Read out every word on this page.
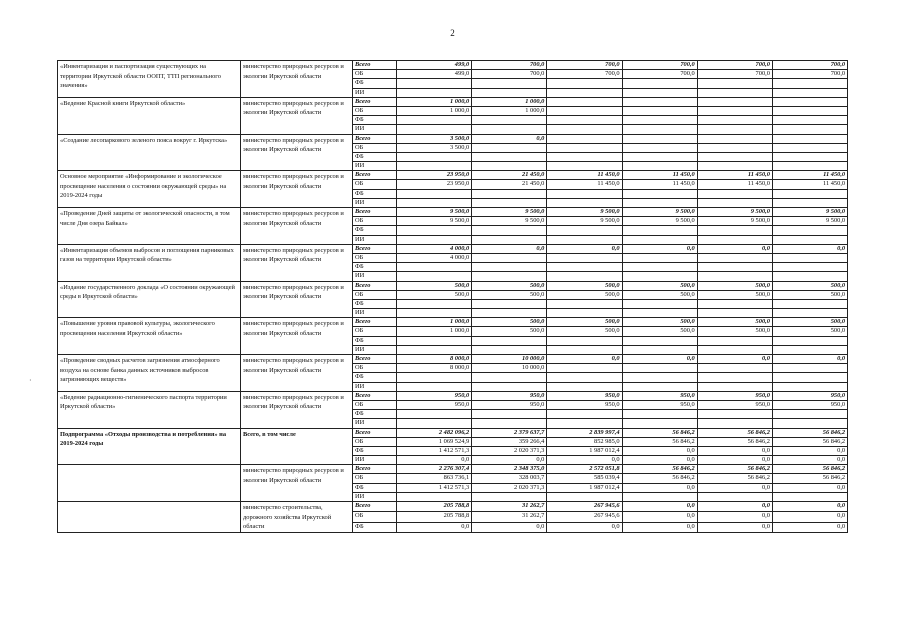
2
·
«Инвентаризация и паспортизация существующих на территории Иркутской области ООПТ, ТТП регионального значения»	министерство природных ресурсов и экологии Иркутской области	Всего	499,0	700,0	700,0	700,0	700,0	700,0
		ОБ	499,0	700,0	700,0	700,0	700,0	700,0
		ФБ						
		ИИ						
«Ведение Красной книги Иркутской области»	министерство природных ресурсов и экологии Иркутской области	Всего	1 000,0	1 000,0				
		ОБ	1 000,0	1 000,0				
		ФБ						
		ИИ						
«Создание лесопаркового зеленого пояса вокруг г. Иркутска»	министерство природных ресурсов и экологии Иркутской области	Всего	3 500,0	0,0				
		ОБ	3 500,0					
		ФБ						
		ИИ						
Основное мероприятие «Информирование и экологическое просвещение населения о состоянии окружающей среды» на 2019-2024 годы	министерство природных ресурсов и экологии Иркутской области	Всего	23 950,0	21 450,0	11 450,0	11 450,0	11 450,0	11 450,0
		ОБ	23 950,0	21 450,0	11 450,0	11 450,0	11 450,0	11 450,0
		ФБ						
		ИИ						
«Проведение Дней защиты от экологической опасности, в том числе Дня озера Байкал»	министерство природных ресурсов и экологии Иркутской области	Всего	9 500,0	9 500,0	9 500,0	9 500,0	9 500,0	9 500,0
		ОБ	9 500,0	9 500,0	9 500,0	9 500,0	9 500,0	9 500,0
		ФБ						
		ИИ						
«Инвентаризация объемов выбросов и поглощения парниковых газов на территории Иркутской области»	министерство природных ресурсов и экологии Иркутской области	Всего	4 000,0	0,0	0,0	0,0	0,0	0,0
		ОБ	4 000,0					
		ФБ						
		ИИ						
«Издание государственного доклада «О состоянии окружающей среды в Иркутской области»	министерство природных ресурсов и экологии Иркутской области	Всего	500,0	500,0	500,0	500,0	500,0	500,0
		ОБ	500,0	500,0	500,0	500,0	500,0	500,0
		ФБ						
		ИИ						
«Повышение уровня правовой культуры, экологического просвещения населения Иркутской области»	министерство природных ресурсов и экологии Иркутской области	Всего	1 000,0	500,0	500,0	500,0	500,0	500,0
		ОБ	1 000,0	500,0	500,0	500,0	500,0	500,0
		ФБ						
		ИИ						
«Проведение сводных расчетов загрязнения атмосферного воздуха на основе банка данных источников выбросов загрязняющих веществ»	министерство природных ресурсов и экологии Иркутской области	Всего	8 000,0	10 000,0	0,0	0,0	0,0	0,0
		ОБ	8 000,0	10 000,0				
		ФБ						
		ИИ						
«Ведение радиационно-гигиенического паспорта территории Иркутской области»	министерство природных ресурсов и экологии Иркутской области	Всего	950,0	950,0	950,0	950,0	950,0	950,0
		ОБ	950,0	950,0	950,0	950,0	950,0	950,0
		ФБ						
		ИИ						
Подпрограмма «Отходы производства и потребления» на 2019-2024 годы	Всего, в том числе	Всего	2 482 096,2	2 379 637,7	2 839 997,4	56 846,2	56 846,2	56 846,2
		ОБ	1 069 524,9	359 266,4	852 985,0	56 846,2	56 846,2	56 846,2
		ФБ	1 412 571,3	2 020 371,3	1 987 012,4	0,0	0,0	0,0
		ИИ	0,0	0,0	0,0	0,0	0,0	0,0
	министерство природных ресурсов и экологии Иркутской области	Всего	2 276 307,4	2 348 375,0	2 572 051,8	56 846,2	56 846,2	56 846,2
		ОБ	863 736,1	328 003,7	585 039,4	56 846,2	56 846,2	56 846,2
		ФБ	1 412 571,3	2 020 371,3	1 987 012,4	0,0	0,0	0,0
		ИИ						
	министерство строительства, дорожного хозяйства Иркутской области	Всего	205 788,8	31 262,7	267 945,6	0,0	0,0	0,0
		ОБ	205 788,8	31 262,7	267 945,6	0,0	0,0	0,0
		ФБ	0,0	0,0	0,0	0,0	0,0	0,0
